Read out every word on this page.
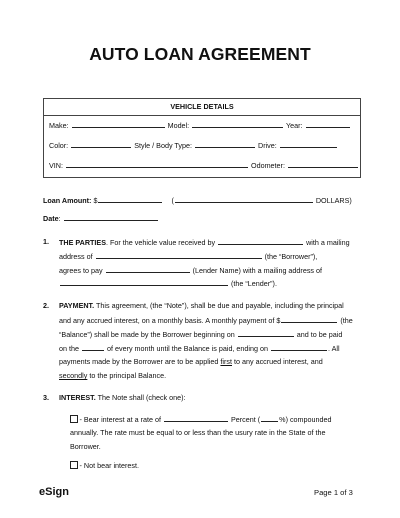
AUTO LOAN AGREEMENT
VEHICLE DETAILS
Make:	Model:	Year:
Color:	Style / Body Type:	Drive:
VIN:	Odometer:
Loan Amount: $	(	DOLLARS)
Date:
1. THE PARTIES. For the vehicle value received by	with a mailing
address of	(the “Borrower”),
agrees to pay	(Lender Name) with a mailing address of
(the “Lender”).
2. PAYMENT. This agreement, (the “Note”), shall be due and payable, including the principal
and any accrued interest, on a monthly basis. A monthly payment of $	(the
“Balance”) shall be made by the Borrower beginning on	and to be paid
on the	of every month until the Balance is paid, ending on	. All
payments made by the Borrower are to be applied first to any accrued interest, and
secondly to the principal Balance.
3. INTEREST. The Note shall (check one):
- Bear interest at a rate of	Percent (	%) compounded
annually. The rate must be equal to or less than the usury rate in the State of the
Borrower.
- Not bear interest.
eSign	Page 1 of 3
